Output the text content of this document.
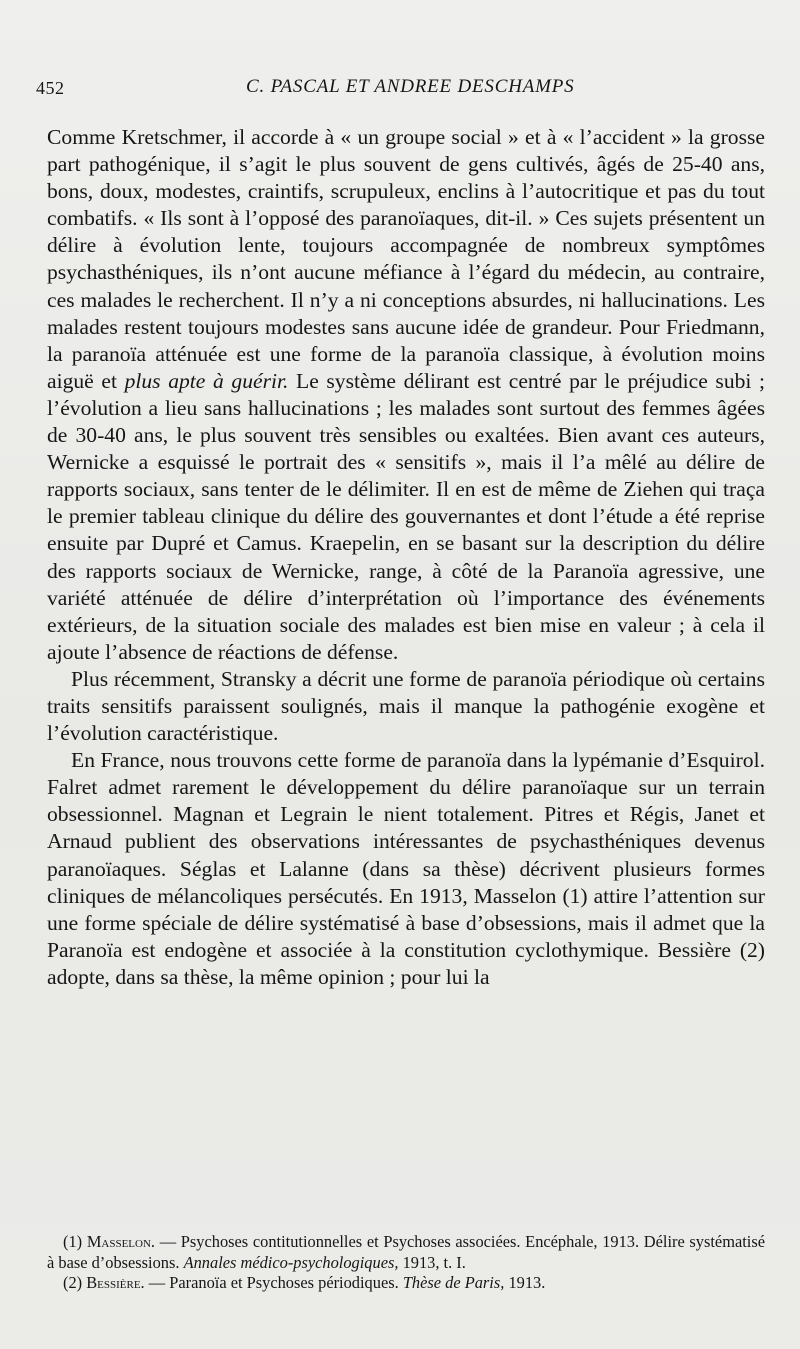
452	C. PASCAL ET ANDREE DESCHAMPS

Comme Kretschmer, il accorde à « un groupe social » et à « l’accident » la grosse part pathogénique, il s’agit le plus souvent de gens cultivés, âgés de 25-40 ans, bons, doux, modestes, craintifs, scrupuleux, enclins à l’autocritique et pas du tout combatifs. « Ils sont à l’opposé des paranoïaques, dit-il. » Ces sujets présentent un délire à évolution lente, toujours accompagnée de nombreux symptômes psychasthéniques, ils n’ont aucune méfiance à l’égard du médecin, au contraire, ces malades le recherchent. Il n’y a ni conceptions absurdes, ni hallucinations. Les malades restent toujours modestes sans aucune idée de grandeur. Pour Friedmann, la paranoïa atténuée est une forme de la paranoïa classique, à évolution moins aiguë et plus apte à guérir. Le système délirant est centré par le préjudice subi ; l’évolution a lieu sans hallucinations ; les malades sont surtout des femmes âgées de 30-40 ans, le plus souvent très sensibles ou exaltées. Bien avant ces auteurs, Wernicke a esquissé le portrait des « sensitifs », mais il l’a mêlé au délire de rapports sociaux, sans tenter de le délimiter. Il en est de même de Ziehen qui traça le premier tableau clinique du délire des gouvernantes et dont l’étude a été reprise ensuite par Dupré et Camus. Kraepelin, en se basant sur la description du délire des rapports sociaux de Wernicke, range, à côté de la Paranoïa agressive, une variété atténuée de délire d’interprétation où l’importance des événements extérieurs, de la situation sociale des malades est bien mise en valeur ; à cela il ajoute l’absence de réactions de défense.

Plus récemment, Stransky a décrit une forme de paranoïa périodique où certains traits sensitifs paraissent soulignés, mais il manque la pathogénie exogène et l’évolution caractéristique.

En France, nous trouvons cette forme de paranoïa dans la lypémanie d’Esquirol. Falret admet rarement le développement du délire paranoïaque sur un terrain obsessionnel. Magnan et Legrain le nient totalement. Pitres et Régis, Janet et Arnaud publient des observations intéressantes de psychasthéniques devenus paranoïaques. Séglas et Lalanne (dans sa thèse) décrivent plusieurs formes cliniques de mélancoliques persécutés. En 1913, Masselon (1) attire l’attention sur une forme spéciale de délire systématisé à base d’obsessions, mais il admet que la Paranoïa est endogène et associée à la constitution cyclothymique. Bessière (2) adopte, dans sa thèse, la même opinion ; pour lui la

(1) Masselon. — Psychoses contitutionnelles et Psychoses associées. Encéphale, 1913. Délire systématisé à base d’obsessions. Annales médico-psychologiques, 1913, t. I.

(2) Bessière. — Paranoïa et Psychoses périodiques. Thèse de Paris, 1913.
